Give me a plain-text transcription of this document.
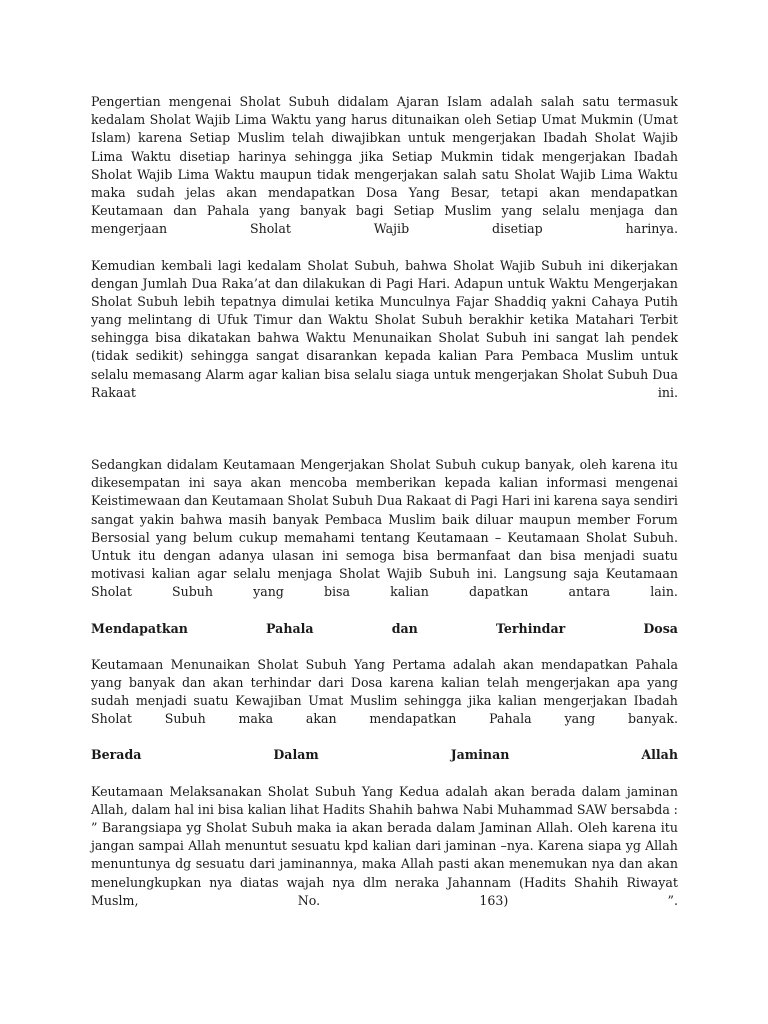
Pengertian mengenai Sholat Subuh didalam Ajaran Islam adalah salah satu termasuk
kedalam Sholat Wajib Lima Waktu yang harus ditunaikan oleh Setiap Umat Mukmin (Umat
Islam) karena Setiap Muslim telah diwajibkan untuk mengerjakan Ibadah Sholat Wajib
Lima Waktu disetiap harinya sehingga jika Setiap Mukmin tidak mengerjakan Ibadah
Sholat Wajib Lima Waktu maupun tidak mengerjakan salah satu Sholat Wajib Lima Waktu
maka sudah jelas akan mendapatkan Dosa Yang Besar, tetapi akan mendapatkan
Keutamaan dan Pahala yang banyak bagi Setiap Muslim yang selalu menjaga dan
mengerjaan	Sholat	Wajib	disetiap	harinya.
Kemudian kembali lagi kedalam Sholat Subuh, bahwa Sholat Wajib Subuh ini dikerjakan
dengan Jumlah Dua Raka’at dan dilakukan di Pagi Hari. Adapun untuk Waktu Mengerjakan
Sholat Subuh lebih tepatnya dimulai ketika Munculnya Fajar Shaddiq yakni Cahaya Putih
yang melintang di Ufuk Timur dan Waktu Sholat Subuh berakhir ketika Matahari Terbit
sehingga bisa dikatakan bahwa Waktu Menunaikan Sholat Subuh ini sangat lah pendek
(tidak sedikit) sehingga sangat disarankan kepada kalian Para Pembaca Muslim untuk
selalu memasang Alarm agar kalian bisa selalu siaga untuk mengerjakan Sholat Subuh Dua
Rakaat	ini.
Sedangkan didalam Keutamaan Mengerjakan Sholat Subuh cukup banyak, oleh karena itu
dikesempatan ini saya akan mencoba memberikan kepada kalian informasi mengenai
Keistimewaan dan Keutamaan Sholat Subuh Dua Rakaat di Pagi Hari ini karena saya sendiri
sangat yakin bahwa masih banyak Pembaca Muslim baik diluar maupun member Forum
Bersosial yang belum cukup memahami tentang Keutamaan – Keutamaan Sholat Subuh.
Untuk itu dengan adanya ulasan ini semoga bisa bermanfaat dan bisa menjadi suatu
motivasi kalian agar selalu menjaga Sholat Wajib Subuh ini. Langsung saja Keutamaan
Sholat	Subuh	yang	bisa	kalian	dapatkan	antara	lain.
Mendapatkan	Pahala	dan	Terhindar	Dosa
Keutamaan Menunaikan Sholat Subuh Yang Pertama adalah akan mendapatkan Pahala
yang banyak dan akan terhindar dari Dosa karena kalian telah mengerjakan apa yang
sudah menjadi suatu Kewajiban Umat Muslim sehingga jika kalian mengerjakan Ibadah
Sholat	Subuh	maka	akan	mendapatkan	Pahala	yang	banyak.
Berada	Dalam	Jaminan	Allah
Keutamaan Melaksanakan Sholat Subuh Yang Kedua adalah akan berada dalam jaminan
Allah, dalam hal ini bisa kalian lihat Hadits Shahih bahwa Nabi Muhammad SAW bersabda :
” Barangsiapa yg Sholat Subuh maka ia akan berada dalam Jaminan Allah. Oleh karena itu
jangan sampai Allah menuntut sesuatu kpd kalian dari jaminan –nya. Karena siapa yg Allah
menuntunya dg sesuatu dari jaminannya, maka Allah pasti akan menemukan nya dan akan
menelungkupkan nya diatas wajah nya dlm neraka Jahannam (Hadits Shahih Riwayat
Muslm,	No.	163)	”.
